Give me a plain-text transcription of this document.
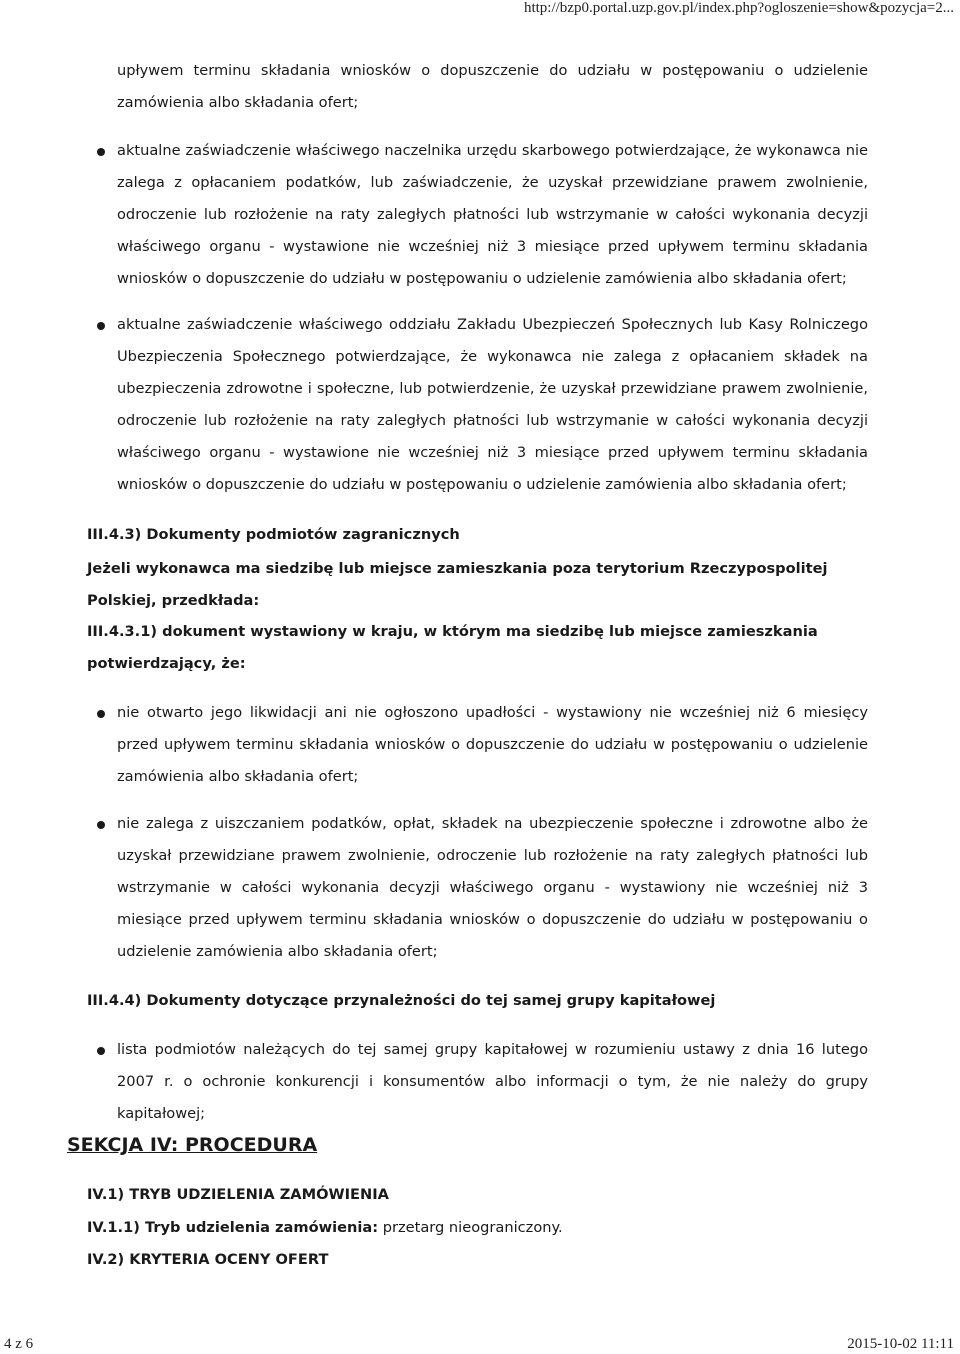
http://bzp0.portal.uzp.gov.pl/index.php?ogloszenie=show&pozycja=2...

upływem terminu składania wniosków o dopuszczenie do udziału w postępowaniu o udzielenie zamówienia albo składania ofert;

aktualne zaświadczenie właściwego naczelnika urzędu skarbowego potwierdzające, że wykonawca nie zalega z opłacaniem podatków, lub zaświadczenie, że uzyskał przewidziane prawem zwolnienie, odroczenie lub rozłożenie na raty zaległych płatności lub wstrzymanie w całości wykonania decyzji właściwego organu - wystawione nie wcześniej niż 3 miesiące przed upływem terminu składania wniosków o dopuszczenie do udziału w postępowaniu o udzielenie zamówienia albo składania ofert;

aktualne zaświadczenie właściwego oddziału Zakładu Ubezpieczeń Społecznych lub Kasy Rolniczego Ubezpieczenia Społecznego potwierdzające, że wykonawca nie zalega z opłacaniem składek na ubezpieczenia zdrowotne i społeczne, lub potwierdzenie, że uzyskał przewidziane prawem zwolnienie, odroczenie lub rozłożenie na raty zaległych płatności lub wstrzymanie w całości wykonania decyzji właściwego organu - wystawione nie wcześniej niż 3 miesiące przed upływem terminu składania wniosków o dopuszczenie do udziału w postępowaniu o udzielenie zamówienia albo składania ofert;

III.4.3) Dokumenty podmiotów zagranicznych

Jeżeli wykonawca ma siedzibę lub miejsce zamieszkania poza terytorium Rzeczypospolitej Polskiej, przedkłada:

III.4.3.1) dokument wystawiony w kraju, w którym ma siedzibę lub miejsce zamieszkania potwierdzający, że:

nie otwarto jego likwidacji ani nie ogłoszono upadłości - wystawiony nie wcześniej niż 6 miesięcy przed upływem terminu składania wniosków o dopuszczenie do udziału w postępowaniu o udzielenie zamówienia albo składania ofert;

nie zalega z uiszczaniem podatków, opłat, składek na ubezpieczenie społeczne i zdrowotne albo że uzyskał przewidziane prawem zwolnienie, odroczenie lub rozłożenie na raty zaległych płatności lub wstrzymanie w całości wykonania decyzji właściwego organu - wystawiony nie wcześniej niż 3 miesiące przed upływem terminu składania wniosków o dopuszczenie do udziału w postępowaniu o udzielenie zamówienia albo składania ofert;

III.4.4) Dokumenty dotyczące przynależności do tej samej grupy kapitałowej

lista podmiotów należących do tej samej grupy kapitałowej w rozumieniu ustawy z dnia 16 lutego 2007 r. o ochronie konkurencji i konsumentów albo informacji o tym, że nie należy do grupy kapitałowej;

SEKCJA IV: PROCEDURA

IV.1) TRYB UDZIELENIA ZAMÓWIENIA

IV.1.1) Tryb udzielenia zamówienia: przetarg nieograniczony.

IV.2) KRYTERIA OCENY OFERT

4 z 6	2015-10-02 11:11
